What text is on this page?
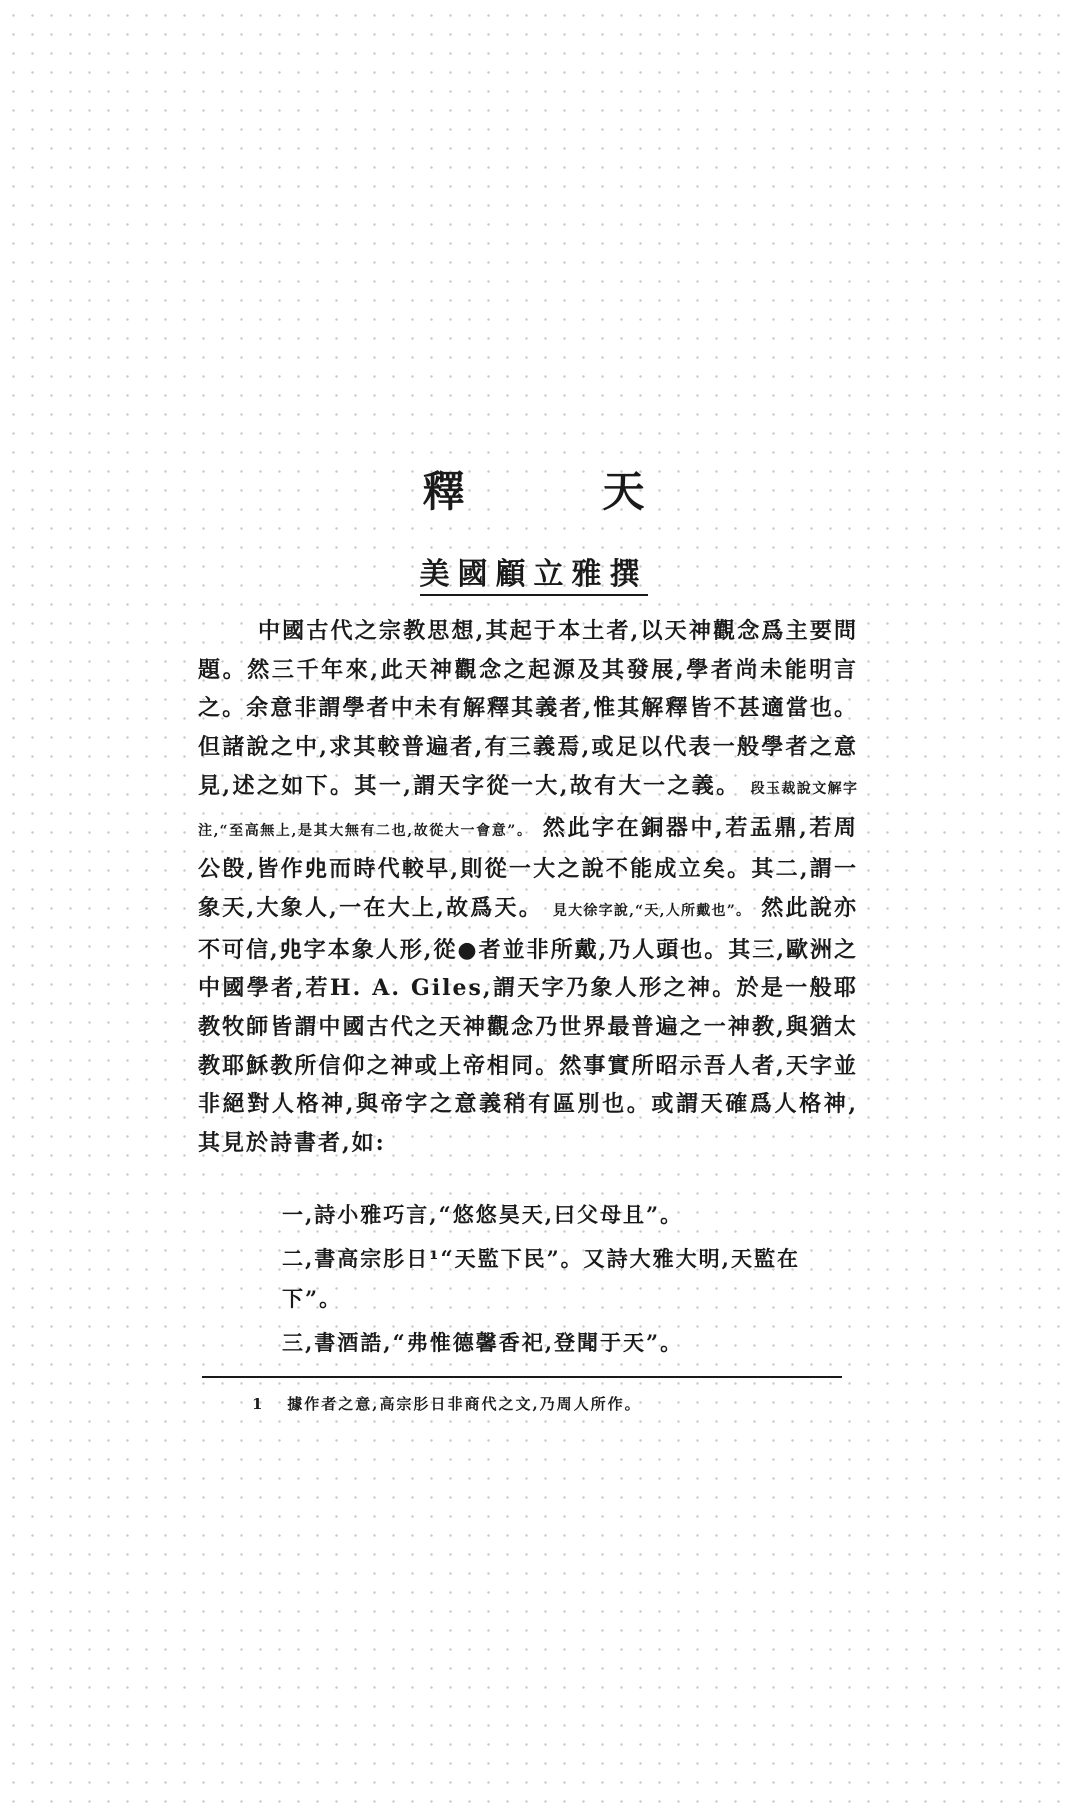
釋　天
美國顧立雅撰

中國古代之宗教思想,其起于本土者,以天神觀念爲主要問題。然三千年來,此天神觀念之起源及其發展,學者尚未能明言之。余意非謂學者中未有解釋其義者,惟其解釋皆不甚適當也。但諸說之中,求其較普遍者,有三義焉,或足以代表一般學者之意見,述之如下。其一,謂天字從一大,故有大一之義。 段玉裁說文解字注,“至高無上,是其大無有二也,故從大一會意”。 然此字在銅器中,若盂鼎,若周公𣪘,皆作𠑹而時代較早,則從一大之說不能成立矣。其二,謂一象天,大象人,一在大上,故爲天。 見大徐字說,“天,人所戴也”。 然此說亦不可信,𠑹字本象人形,從●者並非所戴,乃人頭也。其三,歐洲之中國學者,若H. A. Giles,謂天字乃象人形之神。於是一般耶教牧師皆謂中國古代之天神觀念乃世界最普遍之一神教,與猶太教耶穌教所信仰之神或上帝相同。然事實所昭示吾人者,天字並非絕對人格神,與帝字之意義稍有區別也。或謂天確爲人格神,其見於詩書者,如:

一,詩小雅巧言,“悠悠昊天,曰父母且”。
二,書高宗肜日¹“天監下民”。又詩大雅大明,天監在下”。
三,書酒誥,“弗惟德馨香祀,登聞于天”。
1 據作者之意,高宗肜日非商代之文,乃周人所作。
